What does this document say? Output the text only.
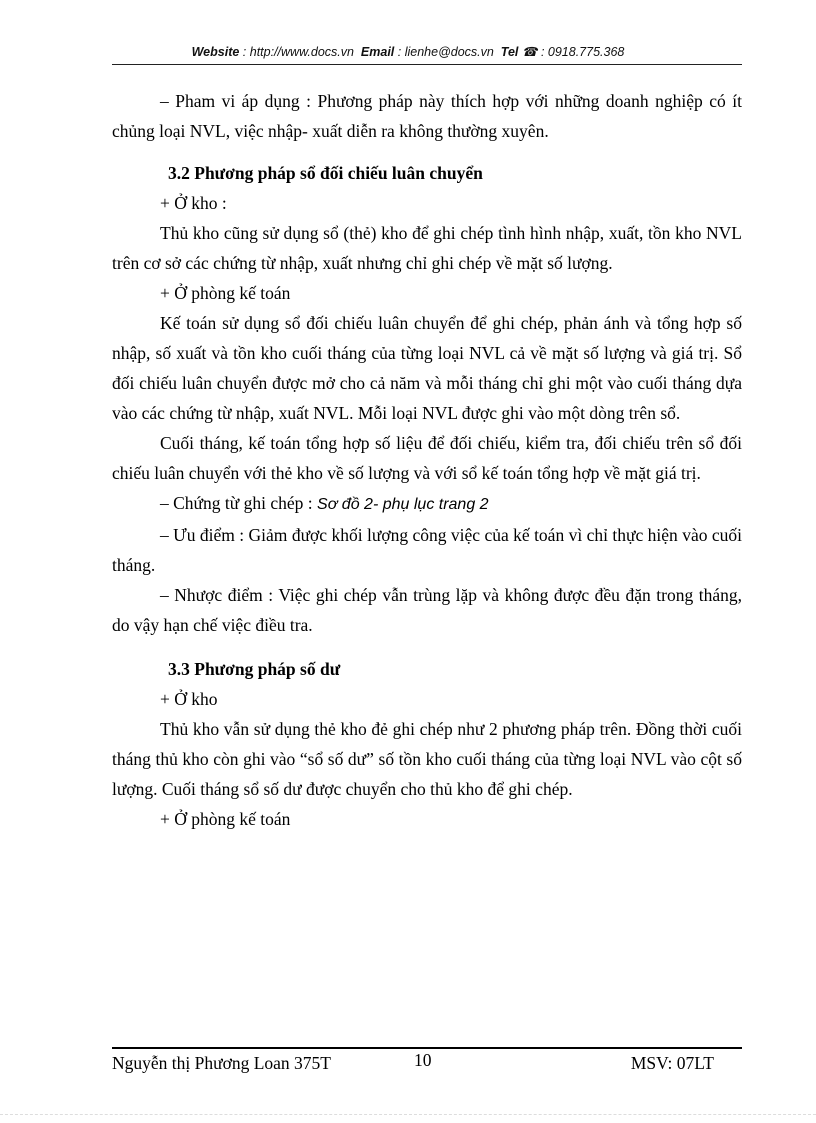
Website : http://www.docs.vn Email : lienhe@docs.vn Tel ☎ : 0918.775.368

– Pham vi áp dụng : Phương pháp này thích hợp với những doanh nghiệp có ít chủng loại NVL, việc nhập- xuất diễn ra không thường xuyên.

3.2 Phương pháp sổ đối chiếu luân chuyển

+ Ở kho :

Thủ kho cũng sử dụng sổ (thẻ) kho để ghi chép tình hình nhập, xuất, tồn kho NVL trên cơ sở các chứng từ nhập, xuất nhưng chỉ ghi chép về mặt số lượng.

+ Ở phòng kế toán

Kế toán sử dụng sổ đối chiếu luân chuyển để ghi chép, phản ánh và tổng hợp số nhập, số xuất và tồn kho cuối tháng của từng loại NVL cả về mặt số lượng và giá trị. Sổ đối chiếu luân chuyển được mở cho cả năm và mỗi tháng chỉ ghi một vào cuối tháng dựa vào các chứng từ nhập, xuất NVL. Mỗi loại NVL được ghi vào một dòng trên sổ.

Cuối tháng, kế toán tổng hợp số liệu để đối chiếu, kiểm tra, đối chiếu trên sổ đối chiếu luân chuyển với thẻ kho về số lượng và với sổ kế toán tổng hợp về mặt giá trị.

– Chứng từ ghi chép : Sơ đồ 2- phụ lục trang 2

– Ưu điểm : Giảm được khối lượng công việc của kế toán vì chỉ thực hiện vào cuối tháng.

– Nhược điểm : Việc ghi chép vẫn trùng lặp và không được đều đặn trong tháng, do vậy hạn chế việc điều tra.

3.3 Phương pháp số dư

+ Ở kho

Thủ kho vẫn sử dụng thẻ kho đẻ ghi chép như 2 phương pháp trên. Đồng thời cuối tháng thủ kho còn ghi vào “sổ số dư” số tồn kho cuối tháng của từng loại NVL vào cột số lượng. Cuối tháng sổ số dư được chuyển cho thủ kho để ghi chép.

+ Ở phòng kế toán

Nguyễn thị Phương Loan 375T	10	MSV: 07LT
